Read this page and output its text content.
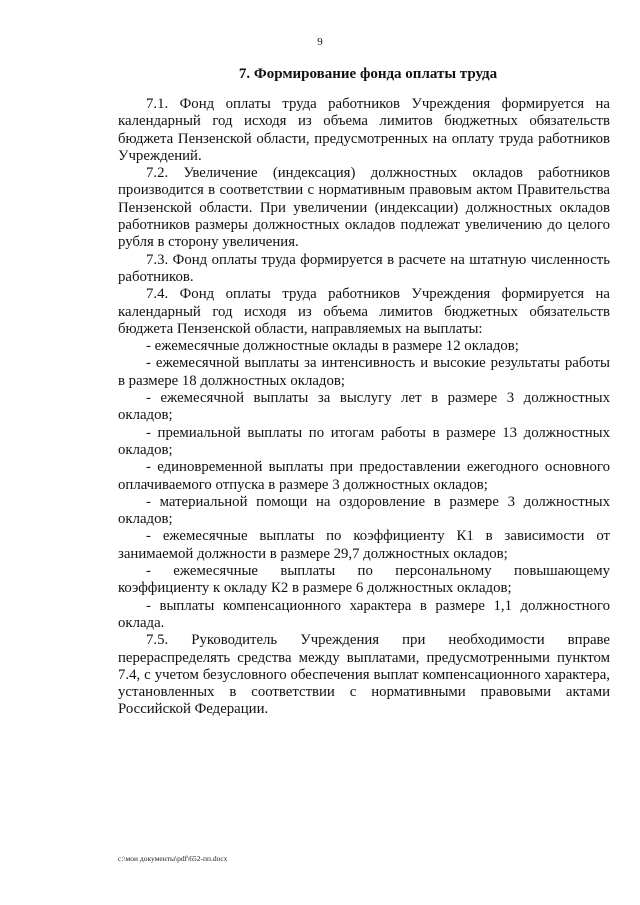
9
7. Формирование фонда оплаты труда

7.1. Фонд оплаты труда работников Учреждения формируется на календарный год исходя из объема лимитов бюджетных обязательств бюджета Пензенской области, предусмотренных на оплату труда работников Учреждений.

7.2. Увеличение (индексация) должностных окладов работников производится в соответствии с нормативным правовым актом Правительства Пензенской области. При увеличении (индексации) должностных окладов работников размеры должностных окладов подлежат увеличению до целого рубля в сторону увеличения.

7.3. Фонд оплаты труда формируется в расчете на штатную численность работников.

7.4. Фонд оплаты труда работников Учреждения формируется на календарный год исходя из объема лимитов бюджетных обязательств бюджета Пензенской области, направляемых на выплаты:

- ежемесячные должностные оклады в размере 12 окладов;

- ежемесячной выплаты за интенсивность и высокие результаты работы в размере 18 должностных окладов;

- ежемесячной выплаты за выслугу лет в размере 3 должностных окладов;

- премиальной выплаты по итогам работы в размере 13 должностных окладов;

- единовременной выплаты при предоставлении ежегодного основного оплачиваемого отпуска в размере 3 должностных окладов;

- материальной помощи на оздоровление в размере 3 должностных окладов;

- ежемесячные выплаты по коэффициенту К1 в зависимости от занимаемой должности в размере 29,7 должностных окладов;

- ежемесячные выплаты по персональному повышающему коэффициенту к окладу К2 в размере 6 должностных окладов;

- выплаты компенсационного характера в размере 1,1 должностного оклада.

7.5. Руководитель Учреждения при необходимости вправе перераспределять средства между выплатами, предусмотренными пунктом 7.4, с учетом безусловного обеспечения выплат компенсационного характера, установленных в соответствии с нормативными правовыми актами Российской Федерации.

c:\мои документы\pdf\652-пп.docx
